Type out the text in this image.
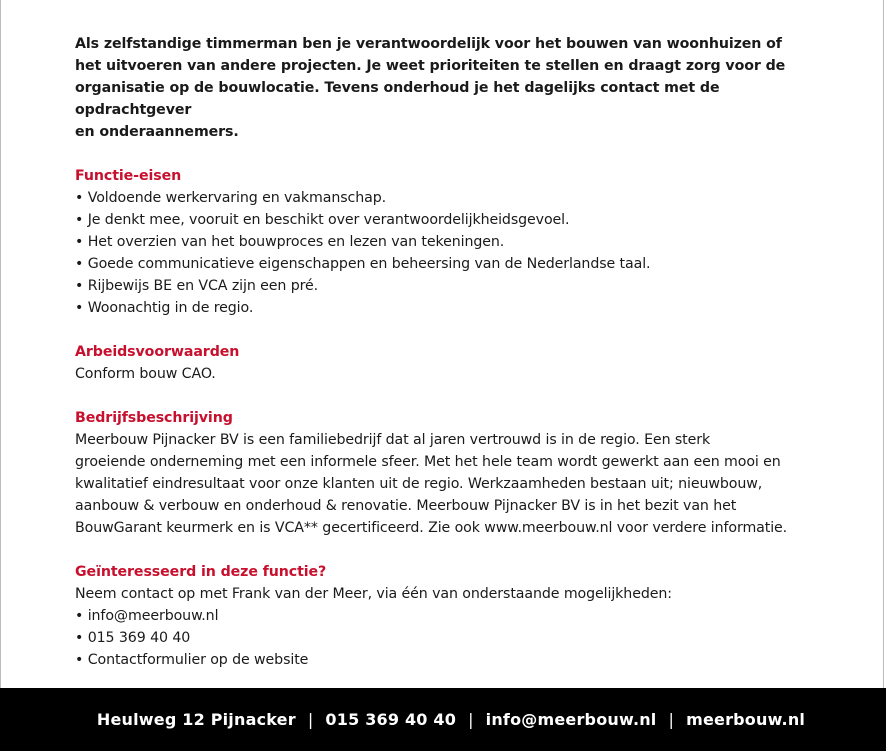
Als zelfstandige timmerman ben je verantwoordelijk voor het bouwen van woonhuizen of
het uitvoeren van andere projecten. Je weet prioriteiten te stellen en draagt zorg voor de
organisatie op de bouwlocatie. Tevens onderhoud je het dagelijks contact met de opdrachtgever
en onderaannemers.
Functie-eisen
• Voldoende werkervaring en vakmanschap.
• Je denkt mee, vooruit en beschikt over verantwoordelijkheidsgevoel.
• Het overzien van het bouwproces en lezen van tekeningen.
• Goede communicatieve eigenschappen en beheersing van de Nederlandse taal.
• Rijbewijs BE en VCA zijn een pré.
• Woonachtig in de regio.
Arbeidsvoorwaarden
Conform bouw CAO.
Bedrijfsbeschrijving
Meerbouw Pijnacker BV is een familiebedrijf dat al jaren vertrouwd is in de regio. Een sterk
groeiende onderneming met een informele sfeer. Met het hele team wordt gewerkt aan een mooi en
kwalitatief eindresultaat voor onze klanten uit de regio. Werkzaamheden bestaan uit; nieuwbouw,
aanbouw & verbouw en onderhoud & renovatie. Meerbouw Pijnacker BV is in het bezit van het
BouwGarant keurmerk en is VCA** gecertificeerd. Zie ook www.meerbouw.nl voor verdere informatie.
Geïnteresseerd in deze functie?
Neem contact op met Frank van der Meer, via één van onderstaande mogelijkheden:
• info@meerbouw.nl
• 015 369 40 40
• Contactformulier op de website
Heulweg 12 Pijnacker | 015 369 40 40 | info@meerbouw.nl | meerbouw.nl
